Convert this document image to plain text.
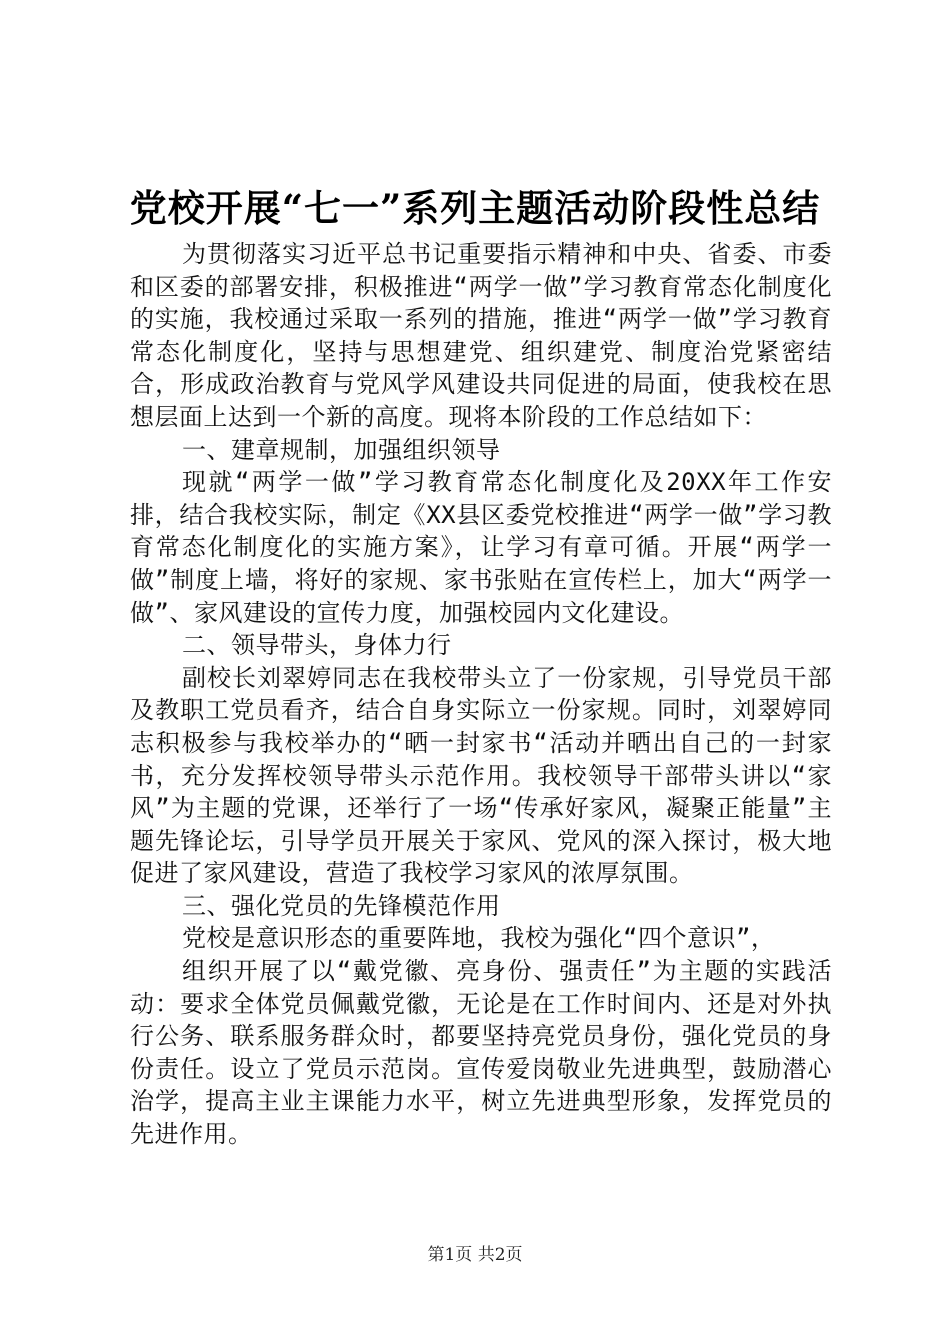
党校开展“七一”系列主题活动阶段性总结

为贯彻落实习近平总书记重要指示精神和中央、省委、市委和区委的部署安排，积极推进“两学一做”学习教育常态化制度化的实施，我校通过采取一系列的措施，推进“两学一做”学习教育常态化制度化，坚持与思想建党、组织建党、制度治党紧密结合，形成政治教育与党风学风建设共同促进的局面，使我校在思想层面上达到一个新的高度。现将本阶段的工作总结如下：

一、建章规制，加强组织领导

现就“两学一做”学习教育常态化制度化及20XX年工作安排，结合我校实际，制定《XX县区委党校推进“两学一做”学习教育常态化制度化的实施方案》，让学习有章可循。开展“两学一做”制度上墙，将好的家规、家书张贴在宣传栏上，加大“两学一做”、家风建设的宣传力度，加强校园内文化建设。

二、领导带头，身体力行

副校长刘翠婷同志在我校带头立了一份家规，引导党员干部及教职工党员看齐，结合自身实际立一份家规。同时，刘翠婷同志积极参与我校举办的“晒一封家书“活动并晒出自己的一封家书，充分发挥校领导带头示范作用。我校领导干部带头讲以“家风”为主题的党课，还举行了一场“传承好家风，凝聚正能量”主题先锋论坛，引导学员开展关于家风、党风的深入探讨，极大地促进了家风建设，营造了我校学习家风的浓厚氛围。

三、强化党员的先锋模范作用

党校是意识形态的重要阵地，我校为强化“四个意识”，

组织开展了以“戴党徽、亮身份、强责任”为主题的实践活动：要求全体党员佩戴党徽，无论是在工作时间内、还是对外执行公务、联系服务群众时，都要坚持亮党员身份，强化党员的身份责任。设立了党员示范岗。宣传爱岗敬业先进典型，鼓励潜心治学，提高主业主课能力水平，树立先进典型形象，发挥党员的先进作用。

第1页 共2页
